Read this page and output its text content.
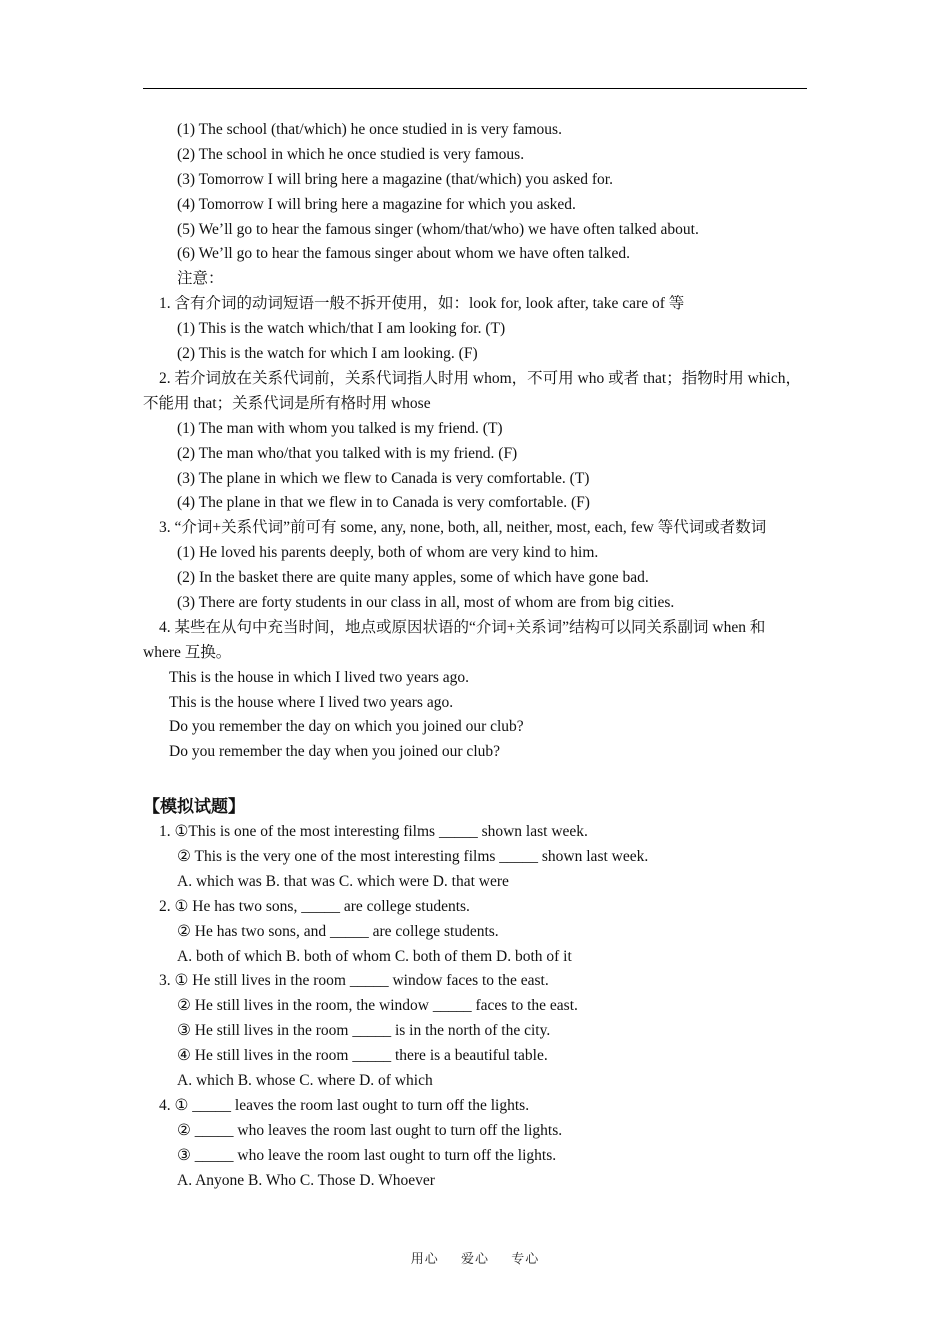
(1) The school (that/which) he once studied in is very famous.
(2) The school in which he once studied is very famous.
(3) Tomorrow I will bring here a magazine (that/which) you asked for.
(4) Tomorrow I will bring here a magazine for which you asked.
(5) We’ll go to hear the famous singer (whom/that/who) we have often talked about.
(6) We’ll go to hear the famous singer about whom we have often talked.
注意：
1. 含有介词的动词短语一般不拆开使用，如：look for, look after, take care of 等
(1) This is the watch which/that I am looking for. (T)
(2) This is the watch for which I am looking. (F)
2. 若介词放在关系代词前，关系代词指人时用 whom，不可用 who 或者 that；指物时用 which，不能用 that；关系代词是所有格时用 whose
(1) The man with whom you talked is my friend. (T)
(2) The man who/that you talked with is my friend. (F)
(3) The plane in which we flew to Canada is very comfortable. (T)
(4) The plane in that we flew in to Canada is very comfortable. (F)
3. “介词+关系代词”前可有 some, any, none, both, all, neither, most, each, few 等代词或者数词
(1) He loved his parents deeply, both of whom are very kind to him.
(2) In the basket there are quite many apples, some of which have gone bad.
(3) There are forty students in our class in all, most of whom are from big cities.
4. 某些在从句中充当时间，地点或原因状语的“介词+关系词”结构可以同关系副词 when 和 where 互换。
This is the house in which I lived two years ago.
This is the house where I lived two years ago.
Do you remember the day on which you joined our club?
Do you remember the day when you joined our club?
【模拟试题】
1. ①This is one of the most interesting films _____ shown last week.
② This is the very one of the most interesting films _____ shown last week.
A. which was B. that was C. which were D. that were
2. ① He has two sons, _____ are college students.
② He has two sons, and _____ are college students.
A. both of which B. both of whom C. both of them D. both of it
3. ① He still lives in the room _____ window faces to the east.
② He still lives in the room, the window _____ faces to the east.
③ He still lives in the room _____ is in the north of the city.
④ He still lives in the room _____ there is a beautiful table.
A. which B. whose C. where D. of which
4. ① _____ leaves the room last ought to turn off the lights.
② _____ who leaves the room last ought to turn off the lights.
③ _____ who leave the room last ought to turn off the lights.
A. Anyone B. Who C. Those D. Whoever
用心 爱心 专心
